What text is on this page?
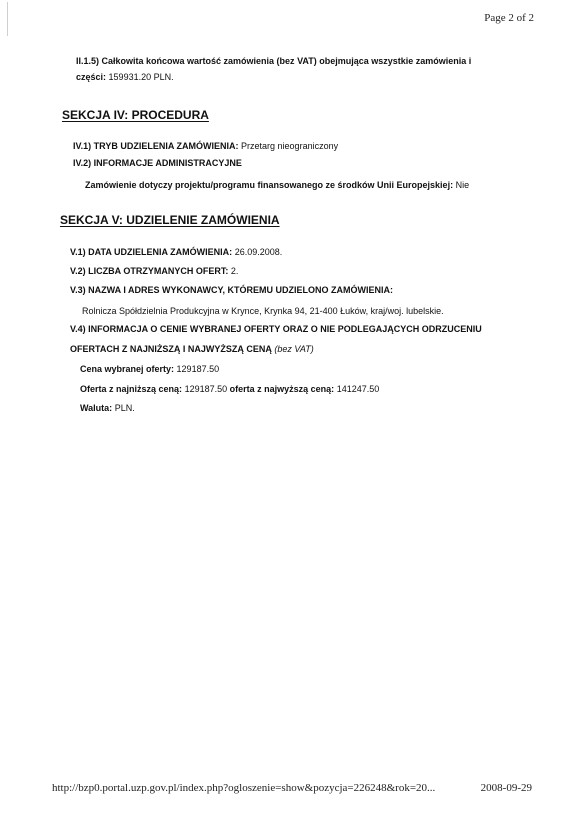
Page 2 of 2
II.1.5) Całkowita końcowa wartość zamówienia (bez VAT) obejmująca wszystkie zamówienia i
części: 159931.20 PLN.
SEKCJA IV: PROCEDURA
IV.1) TRYB UDZIELENIA ZAMÓWIENIA: Przetarg nieograniczony
IV.2) INFORMACJE ADMINISTRACYJNE
Zamówienie dotyczy projektu/programu finansowanego ze środków Unii Europejskiej: Nie
SEKCJA V: UDZIELENIE ZAMÓWIENIA
V.1) DATA UDZIELENIA ZAMÓWIENIA: 26.09.2008.
V.2) LICZBA OTRZYMANYCH OFERT: 2.
V.3) NAZWA I ADRES WYKONAWCY, KTÓREMU UDZIELONO ZAMÓWIENIA:
Rolnicza Spółdzielnia Produkcyjna w Krynce, Krynka 94, 21-400 Łuków, kraj/woj. lubelskie.
V.4) INFORMACJA O CENIE WYBRANEJ OFERTY ORAZ O NIE PODLEGAJĄCYCH ODRZUCENIU
OFERTACH Z NAJNIŻSZĄ I NAJWYŻSZĄ CENĄ (bez VAT)
Cena wybranej oferty: 129187.50
Oferta z najniższą ceną: 129187.50 oferta z najwyższą ceną: 141247.50
Waluta: PLN.
http://bzp0.portal.uzp.gov.pl/index.php?ogloszenie=show&pozycja=226248&rok=20...	2008-09-29
